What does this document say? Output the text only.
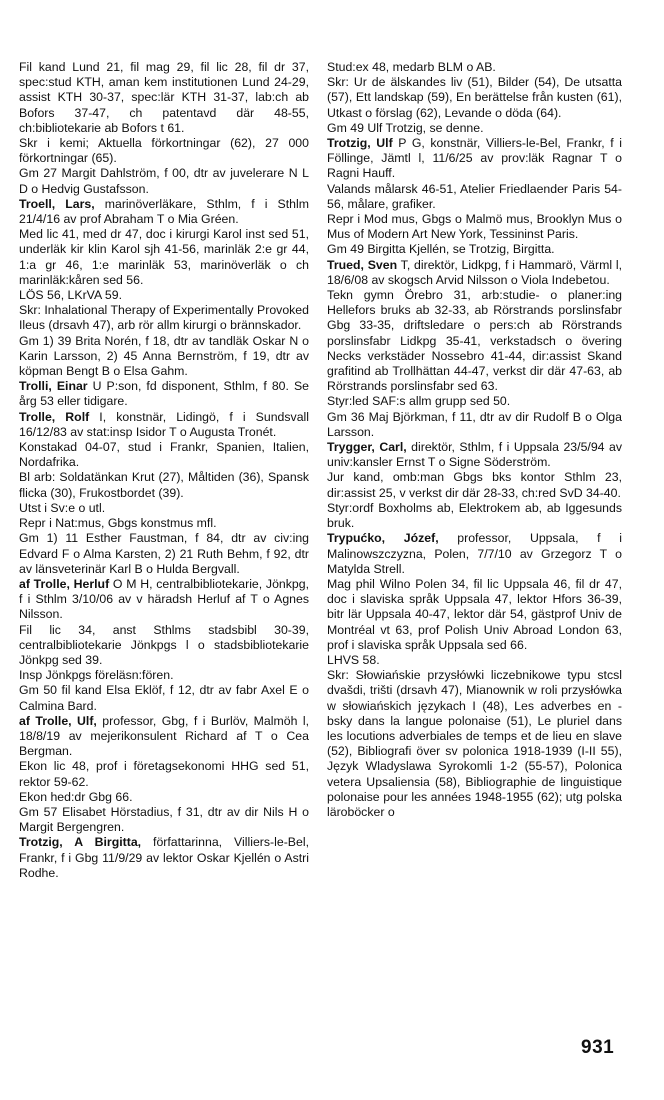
Fil kand Lund 21, fil mag 29, fil lic 28, fil dr 37, spec:stud KTH, aman kem institutionen Lund 24-29, assist KTH 30-37, spec:lär KTH 31-37, lab:ch ab Bofors 37-47, ch patentavd där 48-55, ch:bibliotekarie ab Bofors t 61.

Skr i kemi; Aktuella förkortningar (62), 27 000 förkortningar (65).

Gm 27 Margit Dahlström, f 00, dtr av juvelerare N L D o Hedvig Gustafsson.

Troell, Lars, marinöverläkare, Sthlm, f i Sthlm 21/4/16 av prof Abraham T o Mia Gréen.

Med lic 41, med dr 47, doc i kirurgi Karol inst sed 51, underläk kir klin Karol sjh 41-56, marinläk 2:e gr 44, 1:a gr 46, 1:e marinläk 53, marinöverläk o ch marinläk:kåren sed 56.

LÖS 56, LKrVA 59.

Skr: Inhalational Therapy of Experimentally Provoked Ileus (drsavh 47), arb rör allm kirurgi o brännskador.

Gm 1) 39 Brita Norén, f 18, dtr av tandläk Oskar N o Karin Larsson, 2) 45 Anna Bernström, f 19, dtr av köpman Bengt B o Elsa Gahm.

Trolli, Einar U P:son, fd disponent, Sthlm, f 80. Se årg 53 eller tidigare.

Trolle, Rolf I, konstnär, Lidingö, f i Sundsvall 16/12/83 av stat:insp Isidor T o Augusta Tronét.

Konstakad 04-07, stud i Frankr, Spanien, Italien, Nordafrika.

Bl arb: Soldatänkan Krut (27), Måltiden (36), Spansk flicka (30), Frukostbordet (39).

Utst i Sv:e o utl.

Repr i Nat:mus, Gbgs konstmus mfl.

Gm 1) 11 Esther Faustman, f 84, dtr av civ:ing Edvard F o Alma Karsten, 2) 21 Ruth Behm, f 92, dtr av länsveterinär Karl B o Hulda Bergvall.

af Trolle, Herluf O M H, centralbibliotekarie, Jönkpg, f i Sthlm 3/10/06 av v häradsh Herluf af T o Agnes Nilsson.

Fil lic 34, anst Sthlms stadsbibl 30-39, centralbibliotekarie Jönkpgs l o stadsbibliotekarie Jönkpg sed 39.

Insp Jönkpgs föreläsn:fören.

Gm 50 fil kand Elsa Eklöf, f 12, dtr av fabr Axel E o Calmina Bard.

af Trolle, Ulf, professor, Gbg, f i Burlöv, Malmöh l, 18/8/19 av mejerikonsulent Richard af T o Cea Bergman.

Ekon lic 48, prof i företagsekonomi HHG sed 51, rektor 59-62.

Ekon hed:dr Gbg 66.

Gm 57 Elisabet Hörstadius, f 31, dtr av dir Nils H o Margit Bergengren.

Trotzig, A Birgitta, författarinna, Villiers-le-Bel, Frankr, f i Gbg 11/9/29 av lektor Oskar Kjellén o Astri Rodhe.

Stud:ex 48, medarb BLM o AB.

Skr: Ur de älskandes liv (51), Bilder (54), De utsatta (57), Ett landskap (59), En berättelse från kusten (61), Utkast o förslag (62), Levande o döda (64).

Gm 49 Ulf Trotzig, se denne.

Trotzig, Ulf P G, konstnär, Villiers-le-Bel, Frankr, f i Föllinge, Jämtl l, 11/6/25 av prov:läk Ragnar T o Ragni Hauff.

Valands målarsk 46-51, Atelier Friedlaender Paris 54-56, målare, grafiker.

Repr i Mod mus, Gbgs o Malmö mus, Brooklyn Mus o Mus of Modern Art New York, Tessininst Paris.

Gm 49 Birgitta Kjellén, se Trotzig, Birgitta.

Trued, Sven T, direktör, Lidkpg, f i Hammarö, Värml l, 18/6/08 av skogsch Arvid Nilsson o Viola Indebetou.

Tekn gymn Örebro 31, arb:studie- o planer:ing Hellefors bruks ab 32-33, ab Rörstrands porslinsfabr Gbg 33-35, driftsledare o pers:ch ab Rörstrands porslinsfabr Lidkpg 35-41, verkstadsch o övering Necks verkstäder Nossebro 41-44, dir:assist Skand grafitind ab Trollhättan 44-47, verkst dir där 47-63, ab Rörstrands porslinsfabr sed 63.

Styr:led SAF:s allm grupp sed 50.

Gm 36 Maj Björkman, f 11, dtr av dir Rudolf B o Olga Larsson.

Trygger, Carl, direktör, Sthlm, f i Uppsala 23/5/94 av univ:kansler Ernst T o Signe Söderström.

Jur kand, omb:man Gbgs bks kontor Sthlm 23, dir:assist 25, v verkst dir där 28-33, ch:red SvD 34-40.

Styr:ordf Boxholms ab, Elektrokem ab, ab Iggesunds bruk.

Trypućko, Józef, professor, Uppsala, f i Malinowszczyzna, Polen, 7/7/10 av Grzegorz T o Matylda Strell.

Mag phil Wilno Polen 34, fil lic Uppsala 46, fil dr 47, doc i slaviska språk Uppsala 47, lektor Hfors 36-39, bitr lär Uppsala 40-47, lektor där 54, gästprof Univ de Montréal vt 63, prof Polish Univ Abroad London 63, prof i slaviska språk Uppsala sed 66.

LHVS 58.

Skr: Słowiańskie przysłówki liczebnikowe typu stcsl dvašdi, trišti (drsavh 47), Mianownik w roli przysłówka w słowiańskich językach I (48), Les adverbes en -bsky dans la langue polonaise (51), Le pluriel dans les locutions adverbiales de temps et de lieu en slave (52), Bibliografi över sv polonica 1918-1939 (I-II 55), Język Wladyslawa Syrokomli 1-2 (55-57), Polonica vetera Upsaliensia (58), Bibliographie de linguistique polonaise pour les années 1948-1955 (62); utg polska läroböcker o

931
